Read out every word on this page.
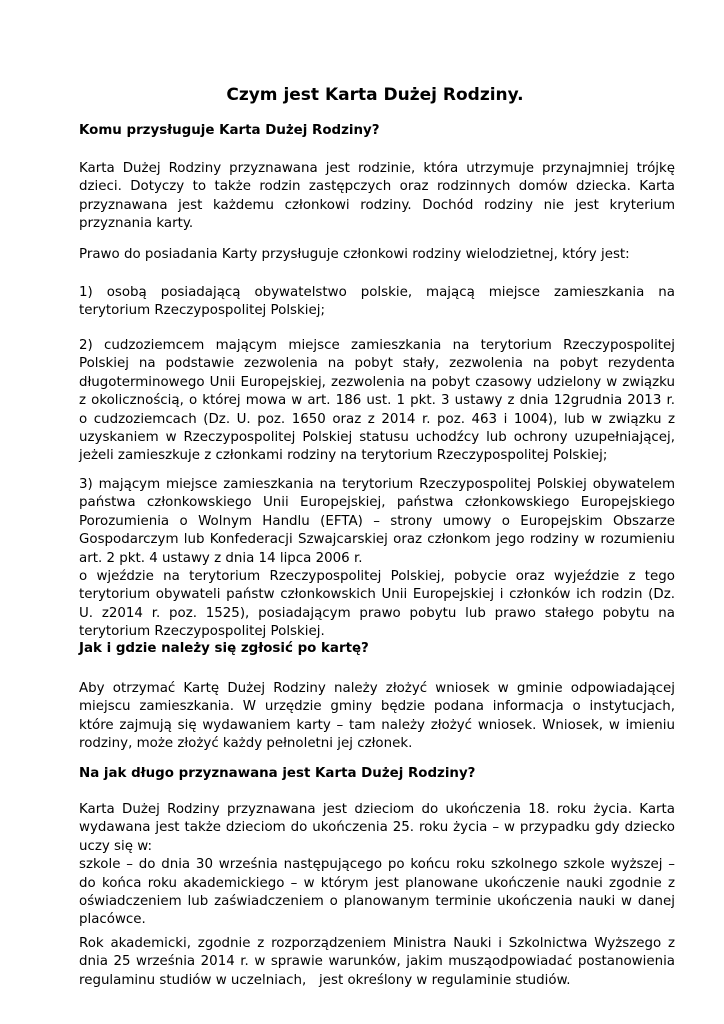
Czym jest Karta Dużej Rodziny.
Komu przysługuje Karta Dużej Rodziny?
Karta Dużej Rodziny przyznawana jest rodzinie, która utrzymuje przynajmniej trójkę
dzieci. Dotyczy to także rodzin zastępczych oraz rodzinnych domów dziecka. Karta
przyznawana jest każdemu członkowi rodziny. Dochód rodziny nie jest kryterium
przyznania karty.
Prawo do posiadania Karty przysługuje członkowi rodziny wielodzietnej, który jest:
1) osobą posiadającą obywatelstwo polskie, mającą miejsce zamieszkania na
terytorium Rzeczypospolitej Polskiej;
2) cudzoziemcem mającym miejsce zamieszkania na terytorium Rzeczypospolitej
Polskiej na podstawie zezwolenia na pobyt stały, zezwolenia na pobyt rezydenta
długoterminowego Unii Europejskiej, zezwolenia na pobyt czasowy udzielony w związku
z okolicznością, o której mowa w art. 186 ust. 1 pkt. 3 ustawy z dnia 12grudnia 2013 r.
o cudzoziemcach (Dz. U. poz. 1650 oraz z 2014 r. poz. 463 i 1004), lub w związku z
uzyskaniem w Rzeczypospolitej Polskiej statusu uchodźcy lub ochrony uzupełniającej,
jeżeli zamieszkuje z członkami rodziny na terytorium Rzeczypospolitej Polskiej;
3) mającym miejsce zamieszkania na terytorium Rzeczypospolitej Polskiej obywatelem
państwa członkowskiego Unii Europejskiej, państwa członkowskiego Europejskiego
Porozumienia o Wolnym Handlu (EFTA) – strony umowy o Europejskim Obszarze
Gospodarczym lub Konfederacji Szwajcarskiej oraz członkom jego rodziny w rozumieniu
art. 2 pkt. 4 ustawy z dnia 14 lipca 2006 r.
o wjeździe na terytorium Rzeczypospolitej Polskiej, pobycie oraz wyjeździe z tego
terytorium obywateli państw członkowskich Unii Europejskiej i członków ich rodzin (Dz.
U. z2014 r. poz. 1525), posiadającym prawo pobytu lub prawo stałego pobytu na
terytorium Rzeczypospolitej Polskiej.
Jak i gdzie należy się zgłosić po kartę?
Aby otrzymać Kartę Dużej Rodziny należy złożyć wniosek w gminie odpowiadającej
miejscu zamieszkania. W urzędzie gminy będzie podana informacja o instytucjach,
które zajmują się wydawaniem karty – tam należy złożyć wniosek. Wniosek, w imieniu
rodziny, może złożyć każdy pełnoletni jej członek.
Na jak długo przyznawana jest Karta Dużej Rodziny?
Karta Dużej Rodziny przyznawana jest dzieciom do ukończenia 18. roku życia. Karta
wydawana jest także dzieciom do ukończenia 25. roku życia – w przypadku gdy dziecko
uczy się w:
szkole – do dnia 30 września następującego po końcu roku szkolnego szkole wyższej –
do końca roku akademickiego – w którym jest planowane ukończenie nauki zgodnie z
oświadczeniem lub zaświadczeniem o planowanym terminie ukończenia nauki w danej
placówce.
Rok akademicki, zgodnie z rozporządzeniem Ministra Nauki i Szkolnictwa Wyższego z
dnia 25 września 2014 r. w sprawie warunków, jakim muszą​odpowiadać postanowienia
regulaminu studiów w uczelniach,   jest określony w regulaminie studiów.
